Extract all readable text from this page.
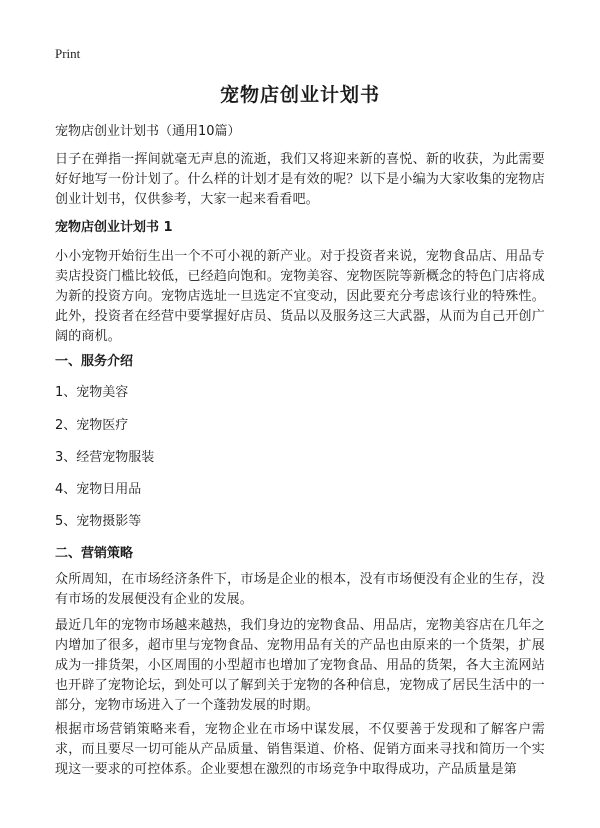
Print
宠物店创业计划书
宠物店创业计划书（通用10篇）

日子在弹指一挥间就毫无声息的流逝，我们又将迎来新的喜悦、新的收获，为此需要好好地写一份计划了。什么样的计划才是有效的呢？以下是小编为大家收集的宠物店创业计划书，仅供参考，大家一起来看看吧。

宠物店创业计划书 1

小小宠物开始衍生出一个不可小视的新产业。对于投资者来说，宠物食品店、用品专卖店投资门槛比较低，已经趋向饱和。宠物美容、宠物医院等新概念的特色门店将成为新的投资方向。宠物店选址一旦选定不宜变动，因此要充分考虑该行业的特殊性。此外，投资者在经营中要掌握好店员、货品以及服务这三大武器，从而为自己开创广阔的商机。

一、服务介绍
1、宠物美容
2、宠物医疗
3、经营宠物服装
4、宠物日用品
5、宠物摄影等
二、营销策略

众所周知，在市场经济条件下，市场是企业的根本，没有市场便没有企业的生存，没有市场的发展便没有企业的发展。

最近几年的宠物市场越来越热，我们身边的宠物食品、用品店，宠物美容店在几年之内增加了很多，超市里与宠物食品、宠物用品有关的产品也由原来的一个货架，扩展成为一排货架，小区周围的小型超市也增加了宠物食品、用品的货架，各大主流网站也开辟了宠物论坛，到处可以了解到关于宠物的各种信息，宠物成了居民生活中的一部分，宠物市场进入了一个蓬勃发展的时期。

根据市场营销策略来看，宠物企业在市场中谋发展，不仅要善于发现和了解客户需求，而且要尽一切可能从产品质量、销售渠道、价格、促销方面来寻找和简历一个实现这一要求的可控体系。企业要想在激烈的市场竞争中取得成功，产品质量是第
